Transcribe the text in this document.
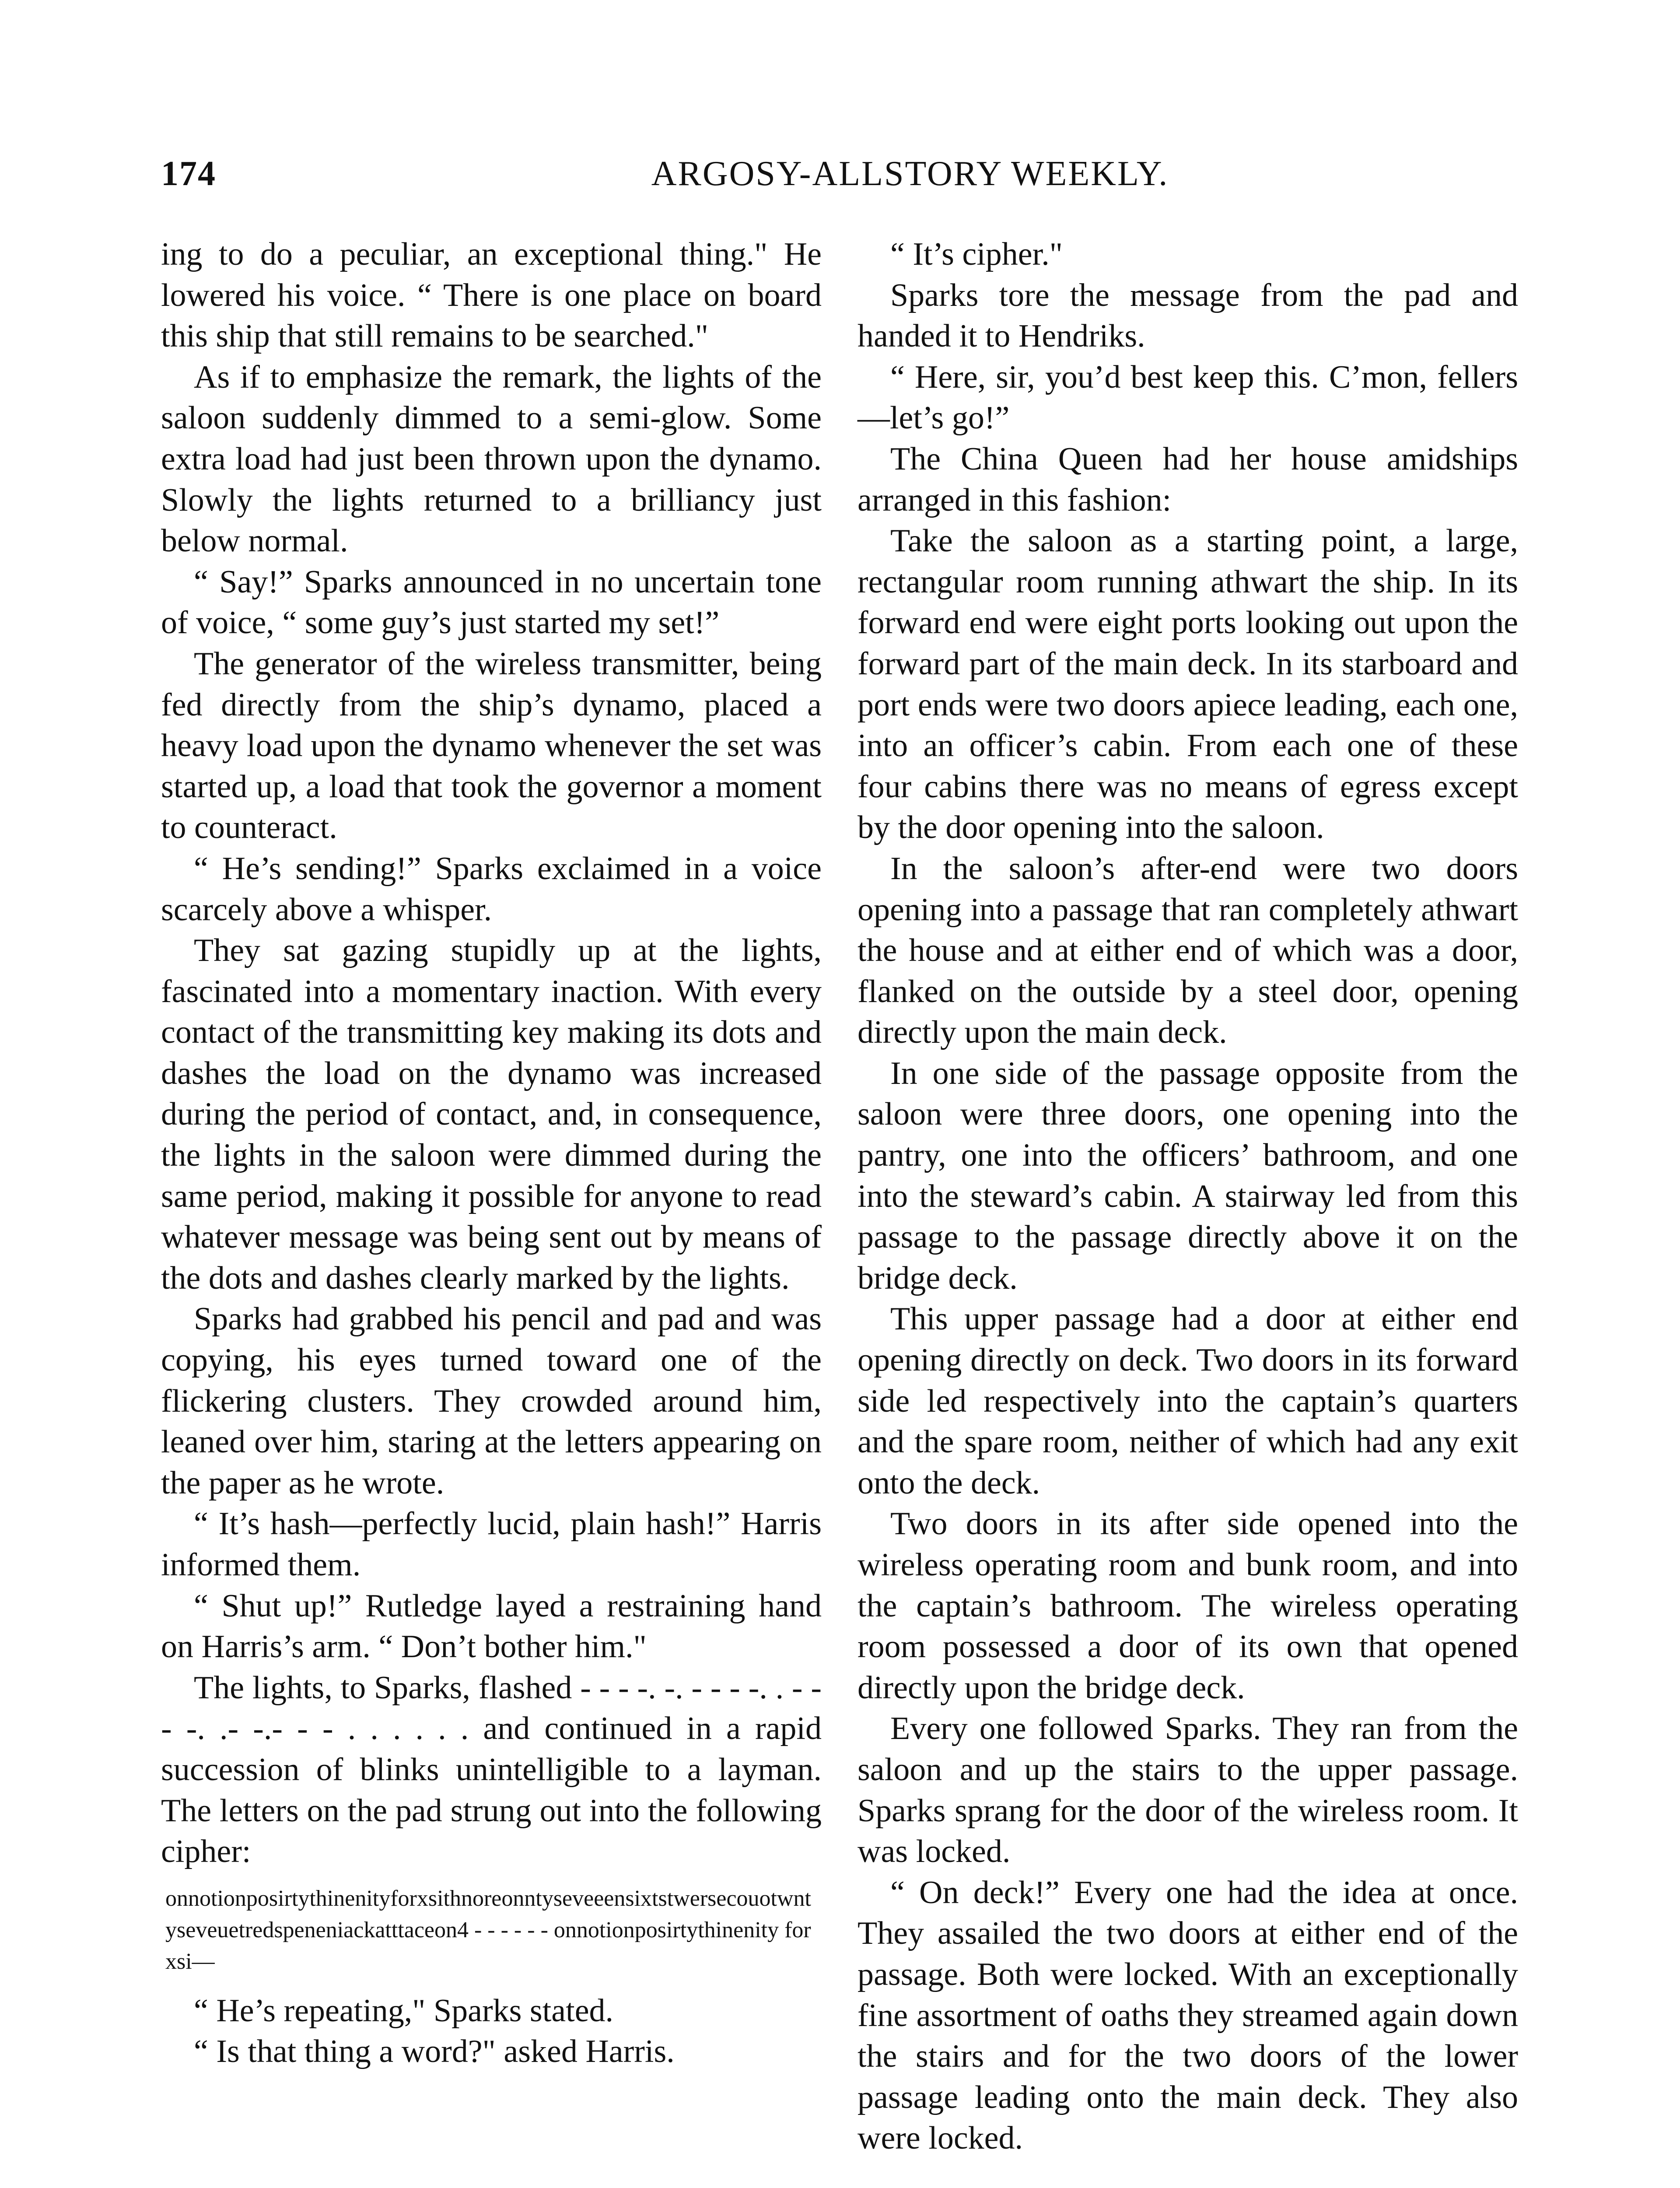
174	ARGOSY-ALLSTORY WEEKLY.

ing to do a peculiar, an exceptional thing." He lowered his voice. “ There is one place on board this ship that still remains to be searched."

As if to emphasize the remark, the lights of the saloon suddenly dimmed to a semi-glow. Some extra load had just been thrown upon the dynamo. Slowly the lights returned to a brilliancy just below normal.

“ Say!” Sparks announced in no uncertain tone of voice, “ some guy’s just started my set!”

The generator of the wireless transmitter, being fed directly from the ship’s dynamo, placed a heavy load upon the dynamo whenever the set was started up, a load that took the governor a moment to counteract.

“ He’s sending!” Sparks exclaimed in a voice scarcely above a whisper.

They sat gazing stupidly up at the lights, fascinated into a momentary inaction. With every contact of the transmitting key making its dots and dashes the load on the dynamo was increased during the period of contact, and, in consequence, the lights in the saloon were dimmed during the same period, making it possible for anyone to read whatever message was being sent out by means of the dots and dashes clearly marked by the lights.

Sparks had grabbed his pencil and pad and was copying, his eyes turned toward one of the flickering clusters. They crowded around him, leaned over him, staring at the letters appearing on the paper as he wrote.

“ It’s hash—perfectly lucid, plain hash!” Harris informed them.

“ Shut up!” Rutledge layed a restraining hand on Harris’s arm. “ Don’t bother him."

The lights, to Sparks, flashed - - - -. -. - - - -. . - - - -. .- -.- - - . . . . . . and continued in a rapid succession of blinks unintelligible to a layman. The letters on the pad strung out into the following cipher:

onnotionposirtythinenityforxsithnoreonntyseveeensixtstwersecouotwntyseveuetredspeneniackatttaceon4 - - - - - - onnotionposirtythinenity forxsi—

“ He’s repeating," Sparks stated.

“ Is that thing a word?" asked Harris.

“ It’s cipher."

Sparks tore the message from the pad and handed it to Hendriks.

“ Here, sir, you’d best keep this. C’mon, fellers—let’s go!”

The China Queen had her house amidships arranged in this fashion:

Take the saloon as a starting point, a large, rectangular room running athwart the ship. In its forward end were eight ports looking out upon the forward part of the main deck. In its starboard and port ends were two doors apiece leading, each one, into an officer’s cabin. From each one of these four cabins there was no means of egress except by the door opening into the saloon.

In the saloon’s after-end were two doors opening into a passage that ran completely athwart the house and at either end of which was a door, flanked on the outside by a steel door, opening directly upon the main deck.

In one side of the passage opposite from the saloon were three doors, one opening into the pantry, one into the officers’ bathroom, and one into the steward’s cabin. A stairway led from this passage to the passage directly above it on the bridge deck.

This upper passage had a door at either end opening directly on deck. Two doors in its forward side led respectively into the captain’s quarters and the spare room, neither of which had any exit onto the deck.

Two doors in its after side opened into the wireless operating room and bunk room, and into the captain’s bathroom. The wireless operating room possessed a door of its own that opened directly upon the bridge deck.

Every one followed Sparks. They ran from the saloon and up the stairs to the upper passage. Sparks sprang for the door of the wireless room. It was locked.

“ On deck!” Every one had the idea at once. They assailed the two doors at either end of the passage. Both were locked. With an exceptionally fine assortment of oaths they streamed again down the stairs and for the two doors of the lower passage leading onto the main deck. They also were locked.
